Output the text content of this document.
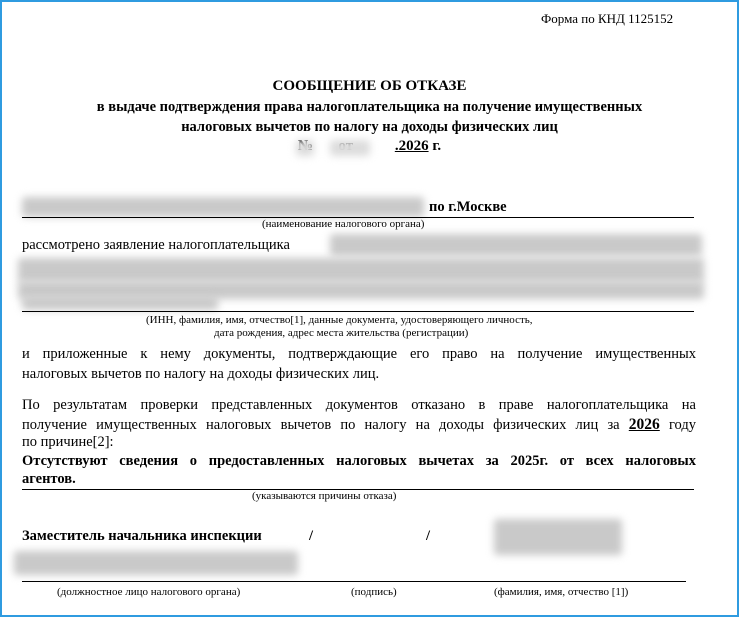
Форма по КНД 1125152
СООБЩЕНИЕ ОБ ОТКАЗЕ
в выдаче подтверждения права налогоплательщика на получение имущественных
налоговых вычетов по налогу на доходы физических лиц
.2026 г.
по г.Москве
(наименование налогового органа)
рассмотрено заявление налогоплательщика
(ИНН, фамилия, имя, отчество[1], данные документа, удостоверяющего личность,
дата рождения, адрес места жительства (регистрации)
и приложенные к нему документы, подтверждающие его право на получение имущественных
налоговых вычетов по налогу на доходы физических лиц.
По результатам проверки представленных документов отказано в праве налогоплательщика на
получение имущественных налоговых вычетов по налогу на доходы физических лиц за 2026 году
по причине[2]:
Отсутствуют сведения о предоставленных налоговых вычетах за 2025г. от всех налоговых
агентов.
(указываются причины отказа)
Заместитель начальника инспекции	/	/
(должностное лицо налогового органа)	(подпись)	(фамилия, имя, отчество [1])
